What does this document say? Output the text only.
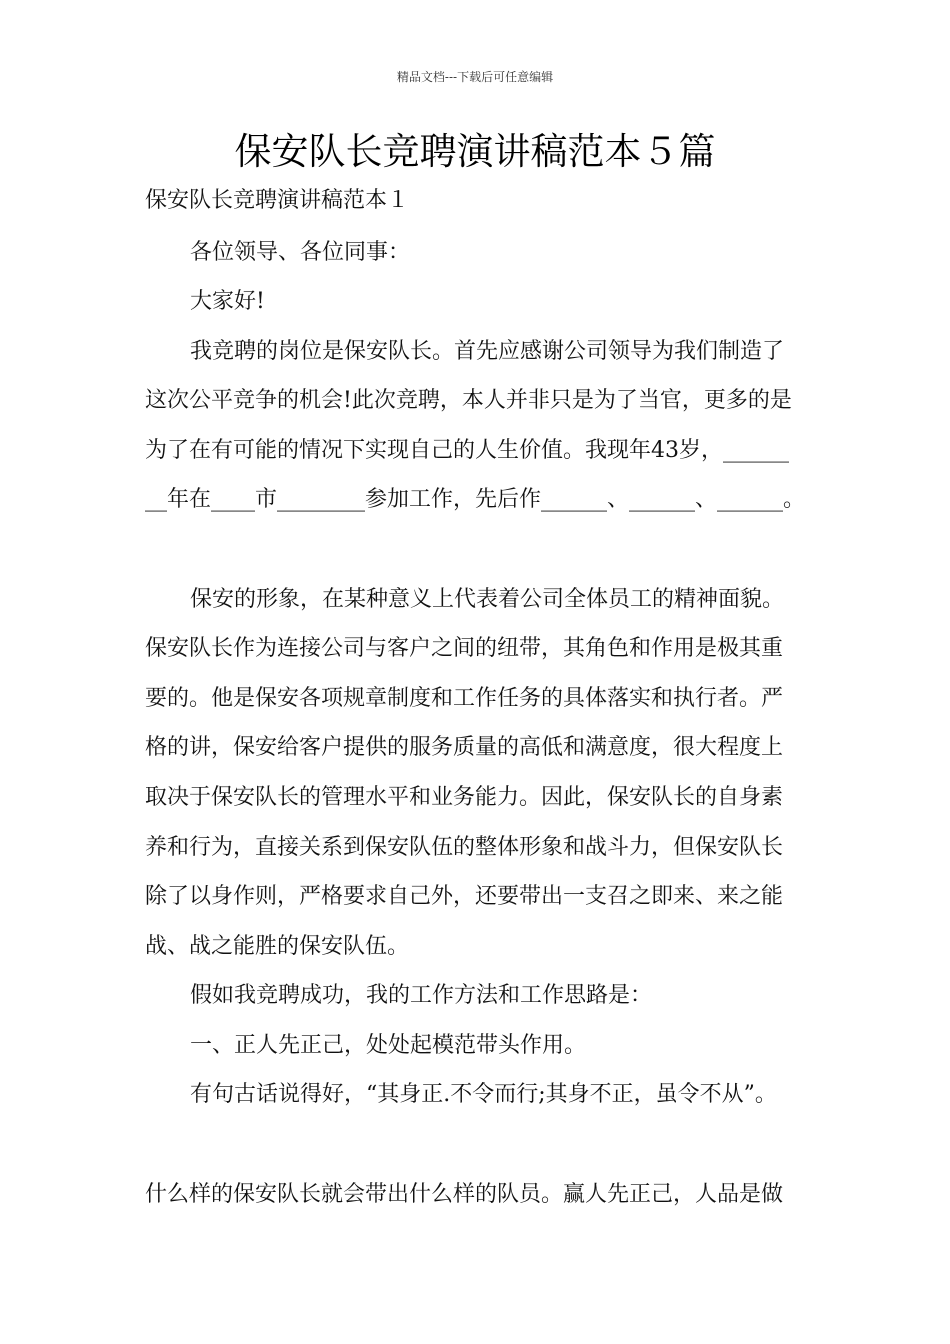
精品文档---下载后可任意编辑
保安队长竞聘演讲稿范本５篇
保安队长竞聘演讲稿范本１
各位领导、各位同事：
大家好!
我竞聘的岗位是保安队长。首先应感谢公司领导为我们制造了
这次公平竞争的机会!此次竞聘，本人并非只是为了当官，更多的是
为了在有可能的情况下实现自己的人生价值。我现年43岁，______
__年在____市________参加工作，先后作______、______、______。
保安的形象，在某种意义上代表着公司全体员工的精神面貌。
保安队长作为连接公司与客户之间的纽带，其角色和作用是极其重
要的。他是保安各项规章制度和工作任务的具体落实和执行者。严
格的讲，保安给客户提供的服务质量的高低和满意度，很大程度上
取决于保安队长的管理水平和业务能力。因此，保安队长的自身素
养和行为，直接关系到保安队伍的整体形象和战斗力，但保安队长
除了以身作则，严格要求自己外，还要带出一支召之即来、来之能
战、战之能胜的保安队伍。
假如我竞聘成功，我的工作方法和工作思路是：
一、正人先正己，处处起模范带头作用。
有句古话说得好，“其身正.不令而行;其身不正，虽令不从”。
什么样的保安队长就会带出什么样的队员。赢人先正己，人品是做
